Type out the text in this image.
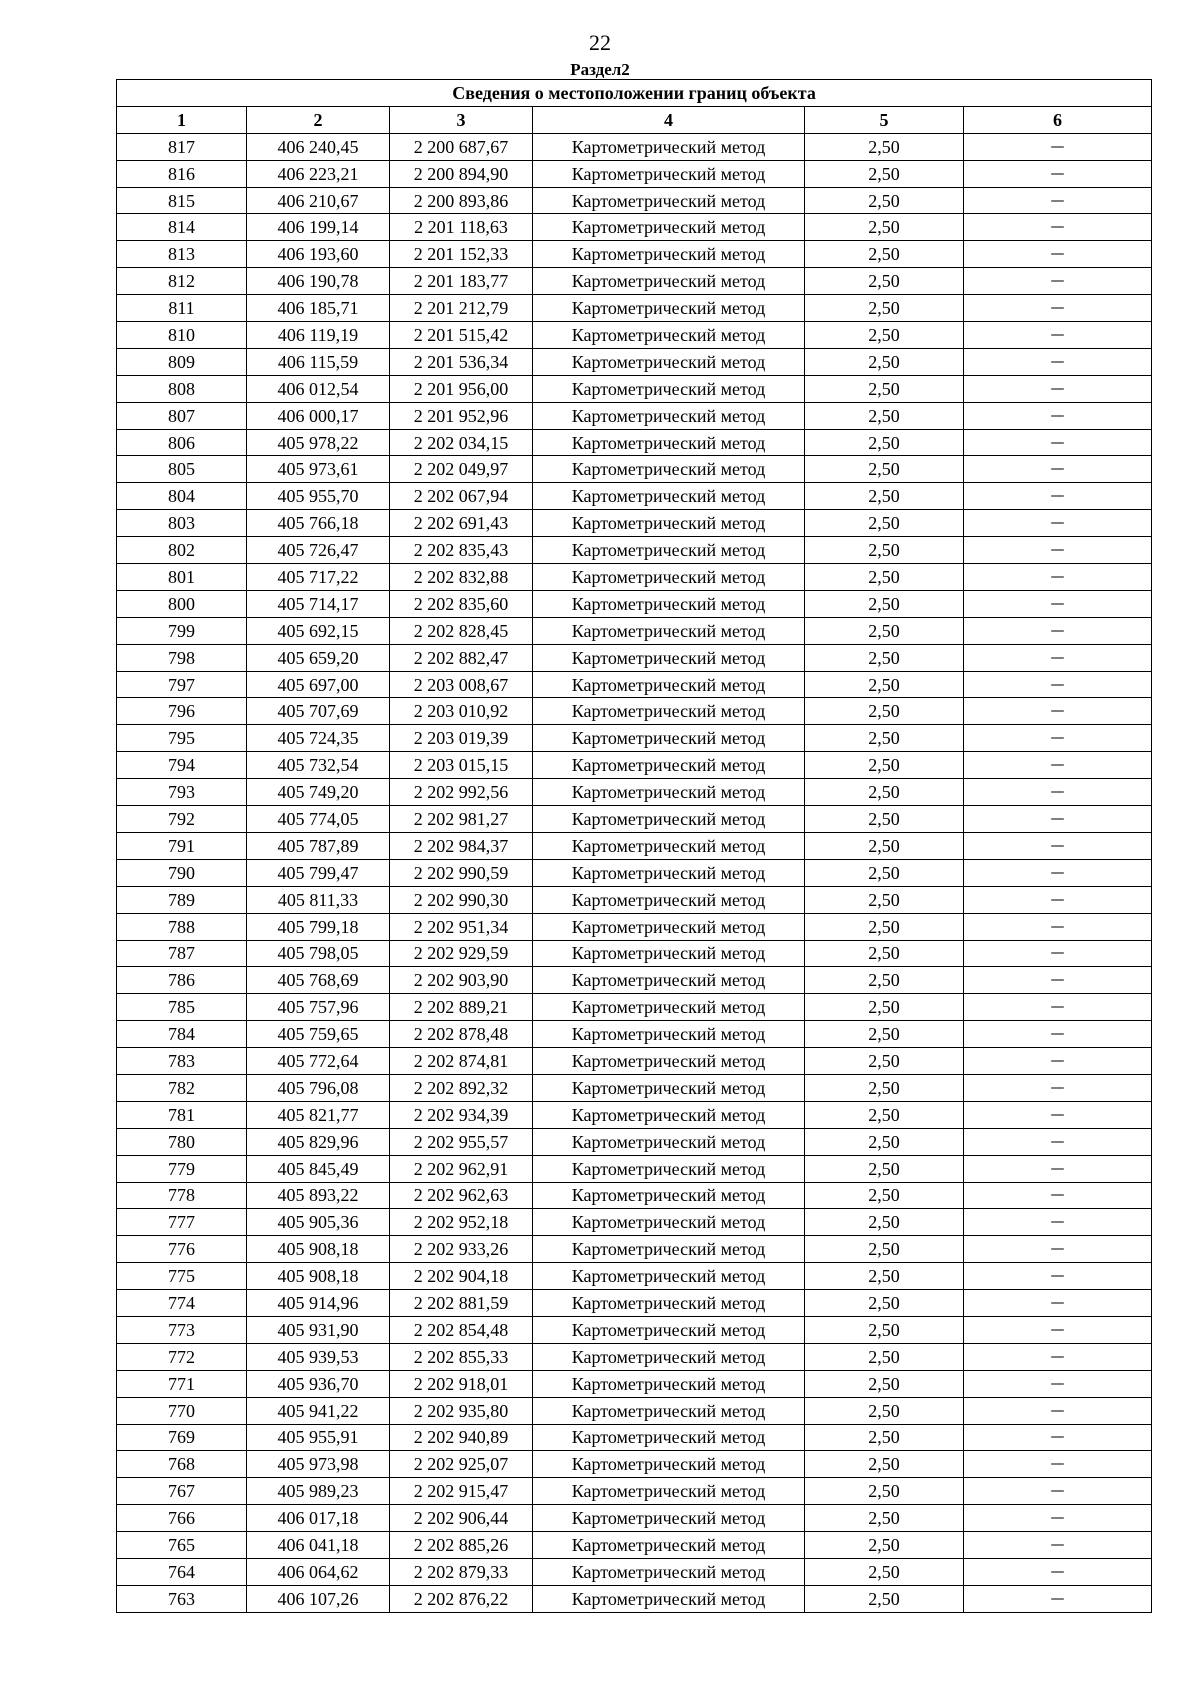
22
Раздел2
Сведения о местоположении границ объекта					
1	2	3	4	5	6
817	406 240,45	2 200 687,67	Картометрический метод	2,50	—
816	406 223,21	2 200 894,90	Картометрический метод	2,50	—
815	406 210,67	2 200 893,86	Картометрический метод	2,50	—
814	406 199,14	2 201 118,63	Картометрический метод	2,50	—
813	406 193,60	2 201 152,33	Картометрический метод	2,50	—
812	406 190,78	2 201 183,77	Картометрический метод	2,50	—
811	406 185,71	2 201 212,79	Картометрический метод	2,50	—
810	406 119,19	2 201 515,42	Картометрический метод	2,50	—
809	406 115,59	2 201 536,34	Картометрический метод	2,50	—
808	406 012,54	2 201 956,00	Картометрический метод	2,50	—
807	406 000,17	2 201 952,96	Картометрический метод	2,50	—
806	405 978,22	2 202 034,15	Картометрический метод	2,50	—
805	405 973,61	2 202 049,97	Картометрический метод	2,50	—
804	405 955,70	2 202 067,94	Картометрический метод	2,50	—
803	405 766,18	2 202 691,43	Картометрический метод	2,50	—
802	405 726,47	2 202 835,43	Картометрический метод	2,50	—
801	405 717,22	2 202 832,88	Картометрический метод	2,50	—
800	405 714,17	2 202 835,60	Картометрический метод	2,50	—
799	405 692,15	2 202 828,45	Картометрический метод	2,50	—
798	405 659,20	2 202 882,47	Картометрический метод	2,50	—
797	405 697,00	2 203 008,67	Картометрический метод	2,50	—
796	405 707,69	2 203 010,92	Картометрический метод	2,50	—
795	405 724,35	2 203 019,39	Картометрический метод	2,50	—
794	405 732,54	2 203 015,15	Картометрический метод	2,50	—
793	405 749,20	2 202 992,56	Картометрический метод	2,50	—
792	405 774,05	2 202 981,27	Картометрический метод	2,50	—
791	405 787,89	2 202 984,37	Картометрический метод	2,50	—
790	405 799,47	2 202 990,59	Картометрический метод	2,50	—
789	405 811,33	2 202 990,30	Картометрический метод	2,50	—
788	405 799,18	2 202 951,34	Картометрический метод	2,50	—
787	405 798,05	2 202 929,59	Картометрический метод	2,50	—
786	405 768,69	2 202 903,90	Картометрический метод	2,50	—
785	405 757,96	2 202 889,21	Картометрический метод	2,50	—
784	405 759,65	2 202 878,48	Картометрический метод	2,50	—
783	405 772,64	2 202 874,81	Картометрический метод	2,50	—
782	405 796,08	2 202 892,32	Картометрический метод	2,50	—
781	405 821,77	2 202 934,39	Картометрический метод	2,50	—
780	405 829,96	2 202 955,57	Картометрический метод	2,50	—
779	405 845,49	2 202 962,91	Картометрический метод	2,50	—
778	405 893,22	2 202 962,63	Картометрический метод	2,50	—
777	405 905,36	2 202 952,18	Картометрический метод	2,50	—
776	405 908,18	2 202 933,26	Картометрический метод	2,50	—
775	405 908,18	2 202 904,18	Картометрический метод	2,50	—
774	405 914,96	2 202 881,59	Картометрический метод	2,50	—
773	405 931,90	2 202 854,48	Картометрический метод	2,50	—
772	405 939,53	2 202 855,33	Картометрический метод	2,50	—
771	405 936,70	2 202 918,01	Картометрический метод	2,50	—
770	405 941,22	2 202 935,80	Картометрический метод	2,50	—
769	405 955,91	2 202 940,89	Картометрический метод	2,50	—
768	405 973,98	2 202 925,07	Картометрический метод	2,50	—
767	405 989,23	2 202 915,47	Картометрический метод	2,50	—
766	406 017,18	2 202 906,44	Картометрический метод	2,50	—
765	406 041,18	2 202 885,26	Картометрический метод	2,50	—
764	406 064,62	2 202 879,33	Картометрический метод	2,50	—
763	406 107,26	2 202 876,22	Картометрический метод	2,50	—
